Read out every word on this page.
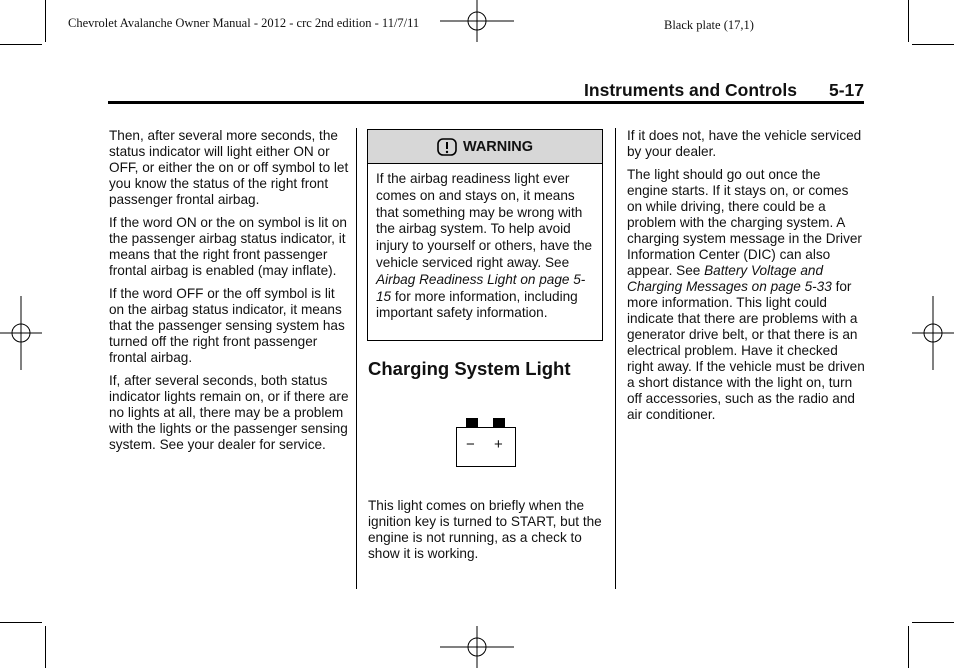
Chevrolet Avalanche Owner Manual - 2012 - crc 2nd edition - 11/7/11	Black plate (17,1)
Instruments and Controls 5-17

Then, after several more seconds, the status indicator will light either ON or OFF, or either the on or off symbol to let you know the status of the right front passenger frontal airbag.

If the word ON or the on symbol is lit on the passenger airbag status indicator, it means that the right front passenger frontal airbag is enabled (may inflate).

If the word OFF or the off symbol is lit on the airbag status indicator, it means that the passenger sensing system has turned off the right front passenger frontal airbag.

If, after several seconds, both status indicator lights remain on, or if there are no lights at all, there may be a problem with the lights or the passenger sensing system. See your dealer for service.

WARNING
If the airbag readiness light ever comes on and stays on, it means that something may be wrong with the airbag system. To help avoid injury to yourself or others, have the vehicle serviced right away. See Airbag Readiness Light on page 5-15 for more information, including important safety information.
Charging System Light
− +

This light comes on briefly when the ignition key is turned to START, but the engine is not running, as a check to show it is working.

If it does not, have the vehicle serviced by your dealer.

The light should go out once the engine starts. If it stays on, or comes on while driving, there could be a problem with the charging system. A charging system message in the Driver Information Center (DIC) can also appear. See Battery Voltage and Charging Messages on page 5-33 for more information. This light could indicate that there are problems with a generator drive belt, or that there is an electrical problem. Have it checked right away. If the vehicle must be driven a short distance with the light on, turn off accessories, such as the radio and air conditioner.
